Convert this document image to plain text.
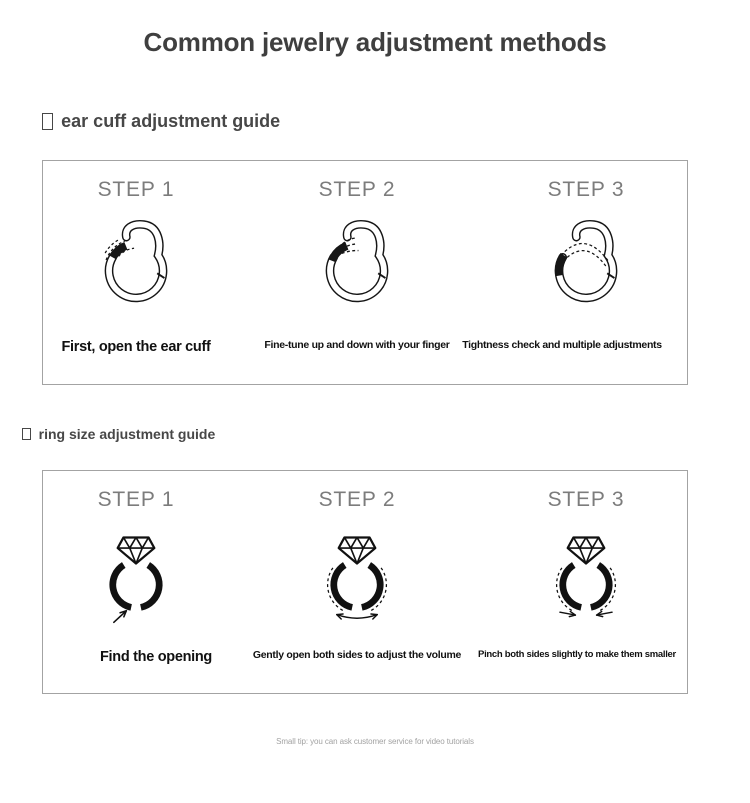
Common jewelry adjustment methods
ear cuff adjustment guide
STEP 1
First, open the ear cuff
STEP 2
Fine-tune up and down with your finger
STEP 3
Tightness check and multiple adjustments
ring size adjustment guide
STEP 1
Find the opening
STEP 2
Gently open both sides to adjust the volume
STEP 3
Pinch both sides slightly to make them smaller
Small tip: you can ask customer service for video tutorials
